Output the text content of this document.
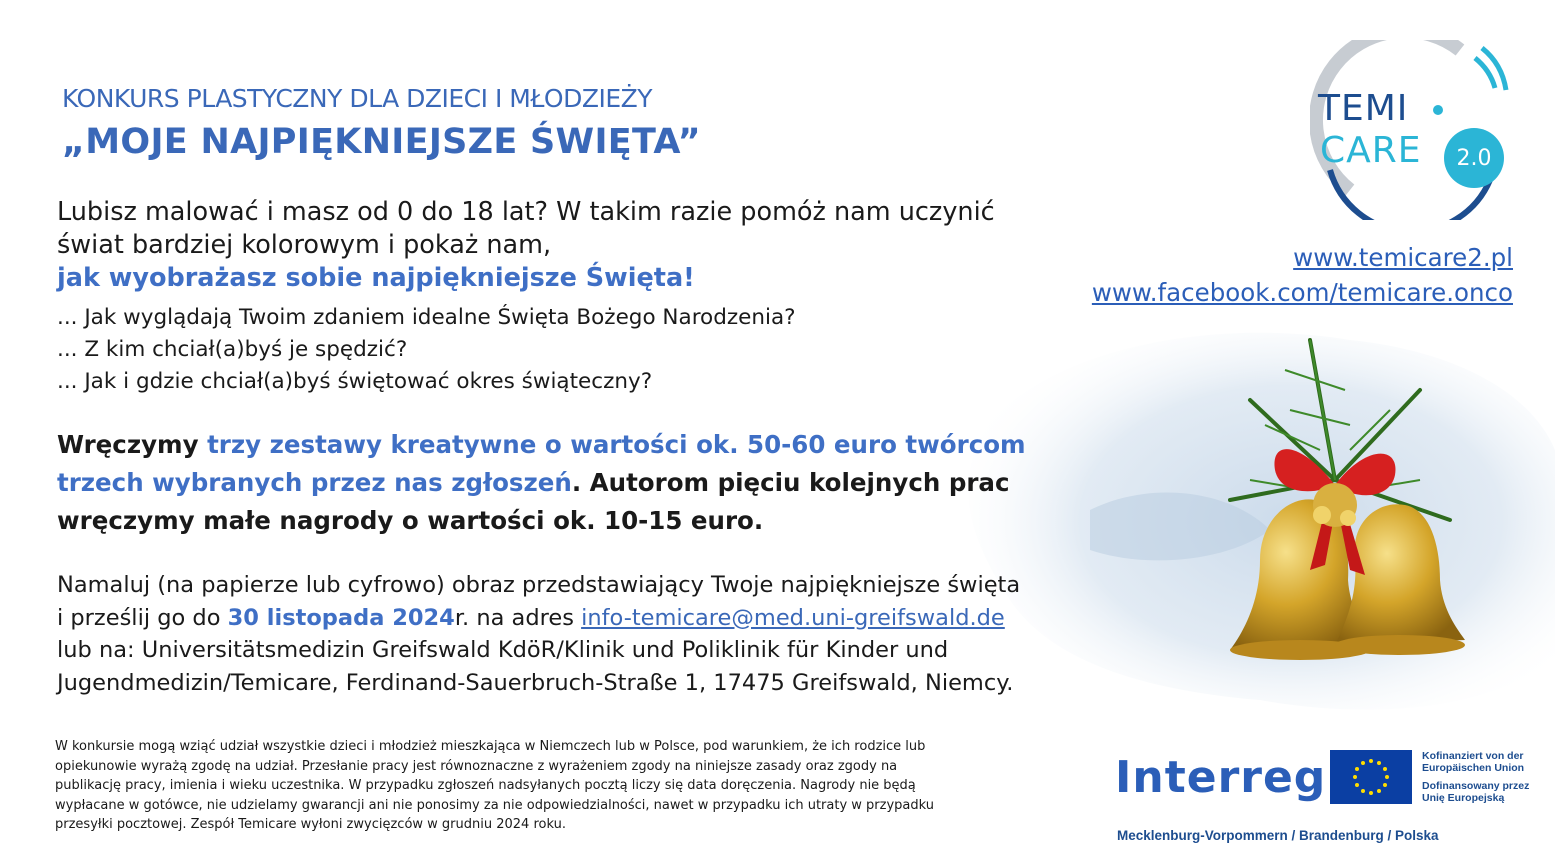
KONKURS PLASTYCZNY DLA DZIECI I MŁODZIEŻY
„MOJE NAJPIĘKNIEJSZE ŚWIĘTA”
Lubisz malować i masz od 0 do 18 lat? W takim razie pomóż nam uczynić
świat bardziej kolorowym i pokaż nam,
jak wyobrażasz sobie najpiękniejsze Święta!
... Jak wyglądają Twoim zdaniem idealne Święta Bożego Narodzenia?
... Z kim chciał(a)byś je spędzić?
... Jak i gdzie chciał(a)byś świętować okres świąteczny?
Wręczymy trzy zestawy kreatywne o wartości ok. 50-60 euro twórcom
trzech wybranych przez nas zgłoszeń. Autorom pięciu kolejnych prac
wręczymy małe nagrody o wartości ok. 10-15 euro.
Namaluj (na papierze lub cyfrowo) obraz przedstawiający Twoje najpiękniejsze święta
i prześlij go do 30 listopada 2024r. na adres info-temicare@med.uni-greifswald.de
lub na: Universitätsmedizin Greifswald KdöR/Klinik und Poliklinik für Kinder und
Jugendmedizin/Temicare, Ferdinand-Sauerbruch-Straße 1, 17475 Greifswald, Niemcy.
W konkursie mogą wziąć udział wszystkie dzieci i młodzież mieszkająca w Niemczech lub w Polsce, pod warunkiem, że ich rodzice lub
opiekunowie wyrażą zgodę na udział. Przesłanie pracy jest równoznaczne z wyrażeniem zgody na niniejsze zasady oraz zgody na
publikację pracy, imienia i wieku uczestnika. W przypadku zgłoszeń nadsyłanych pocztą liczy się data doręczenia. Nagrody nie będą
wypłacane w gotówce, nie udzielamy gwarancji ani nie ponosimy za nie odpowiedzialności, nawet w przypadku ich utraty w przypadku
przesyłki pocztowej. Zespół Temicare wyłoni zwycięzców w grudniu 2024 roku.
www.temicare2.pl
www.facebook.com/temicare.onco
TEMI
CARE	2.0
Interreg
Mecklenburg-Vorpommern / Brandenburg / Polska
Kofinanziert von der
Europäischen Union
Dofinansowany przez
Unię Europejską
